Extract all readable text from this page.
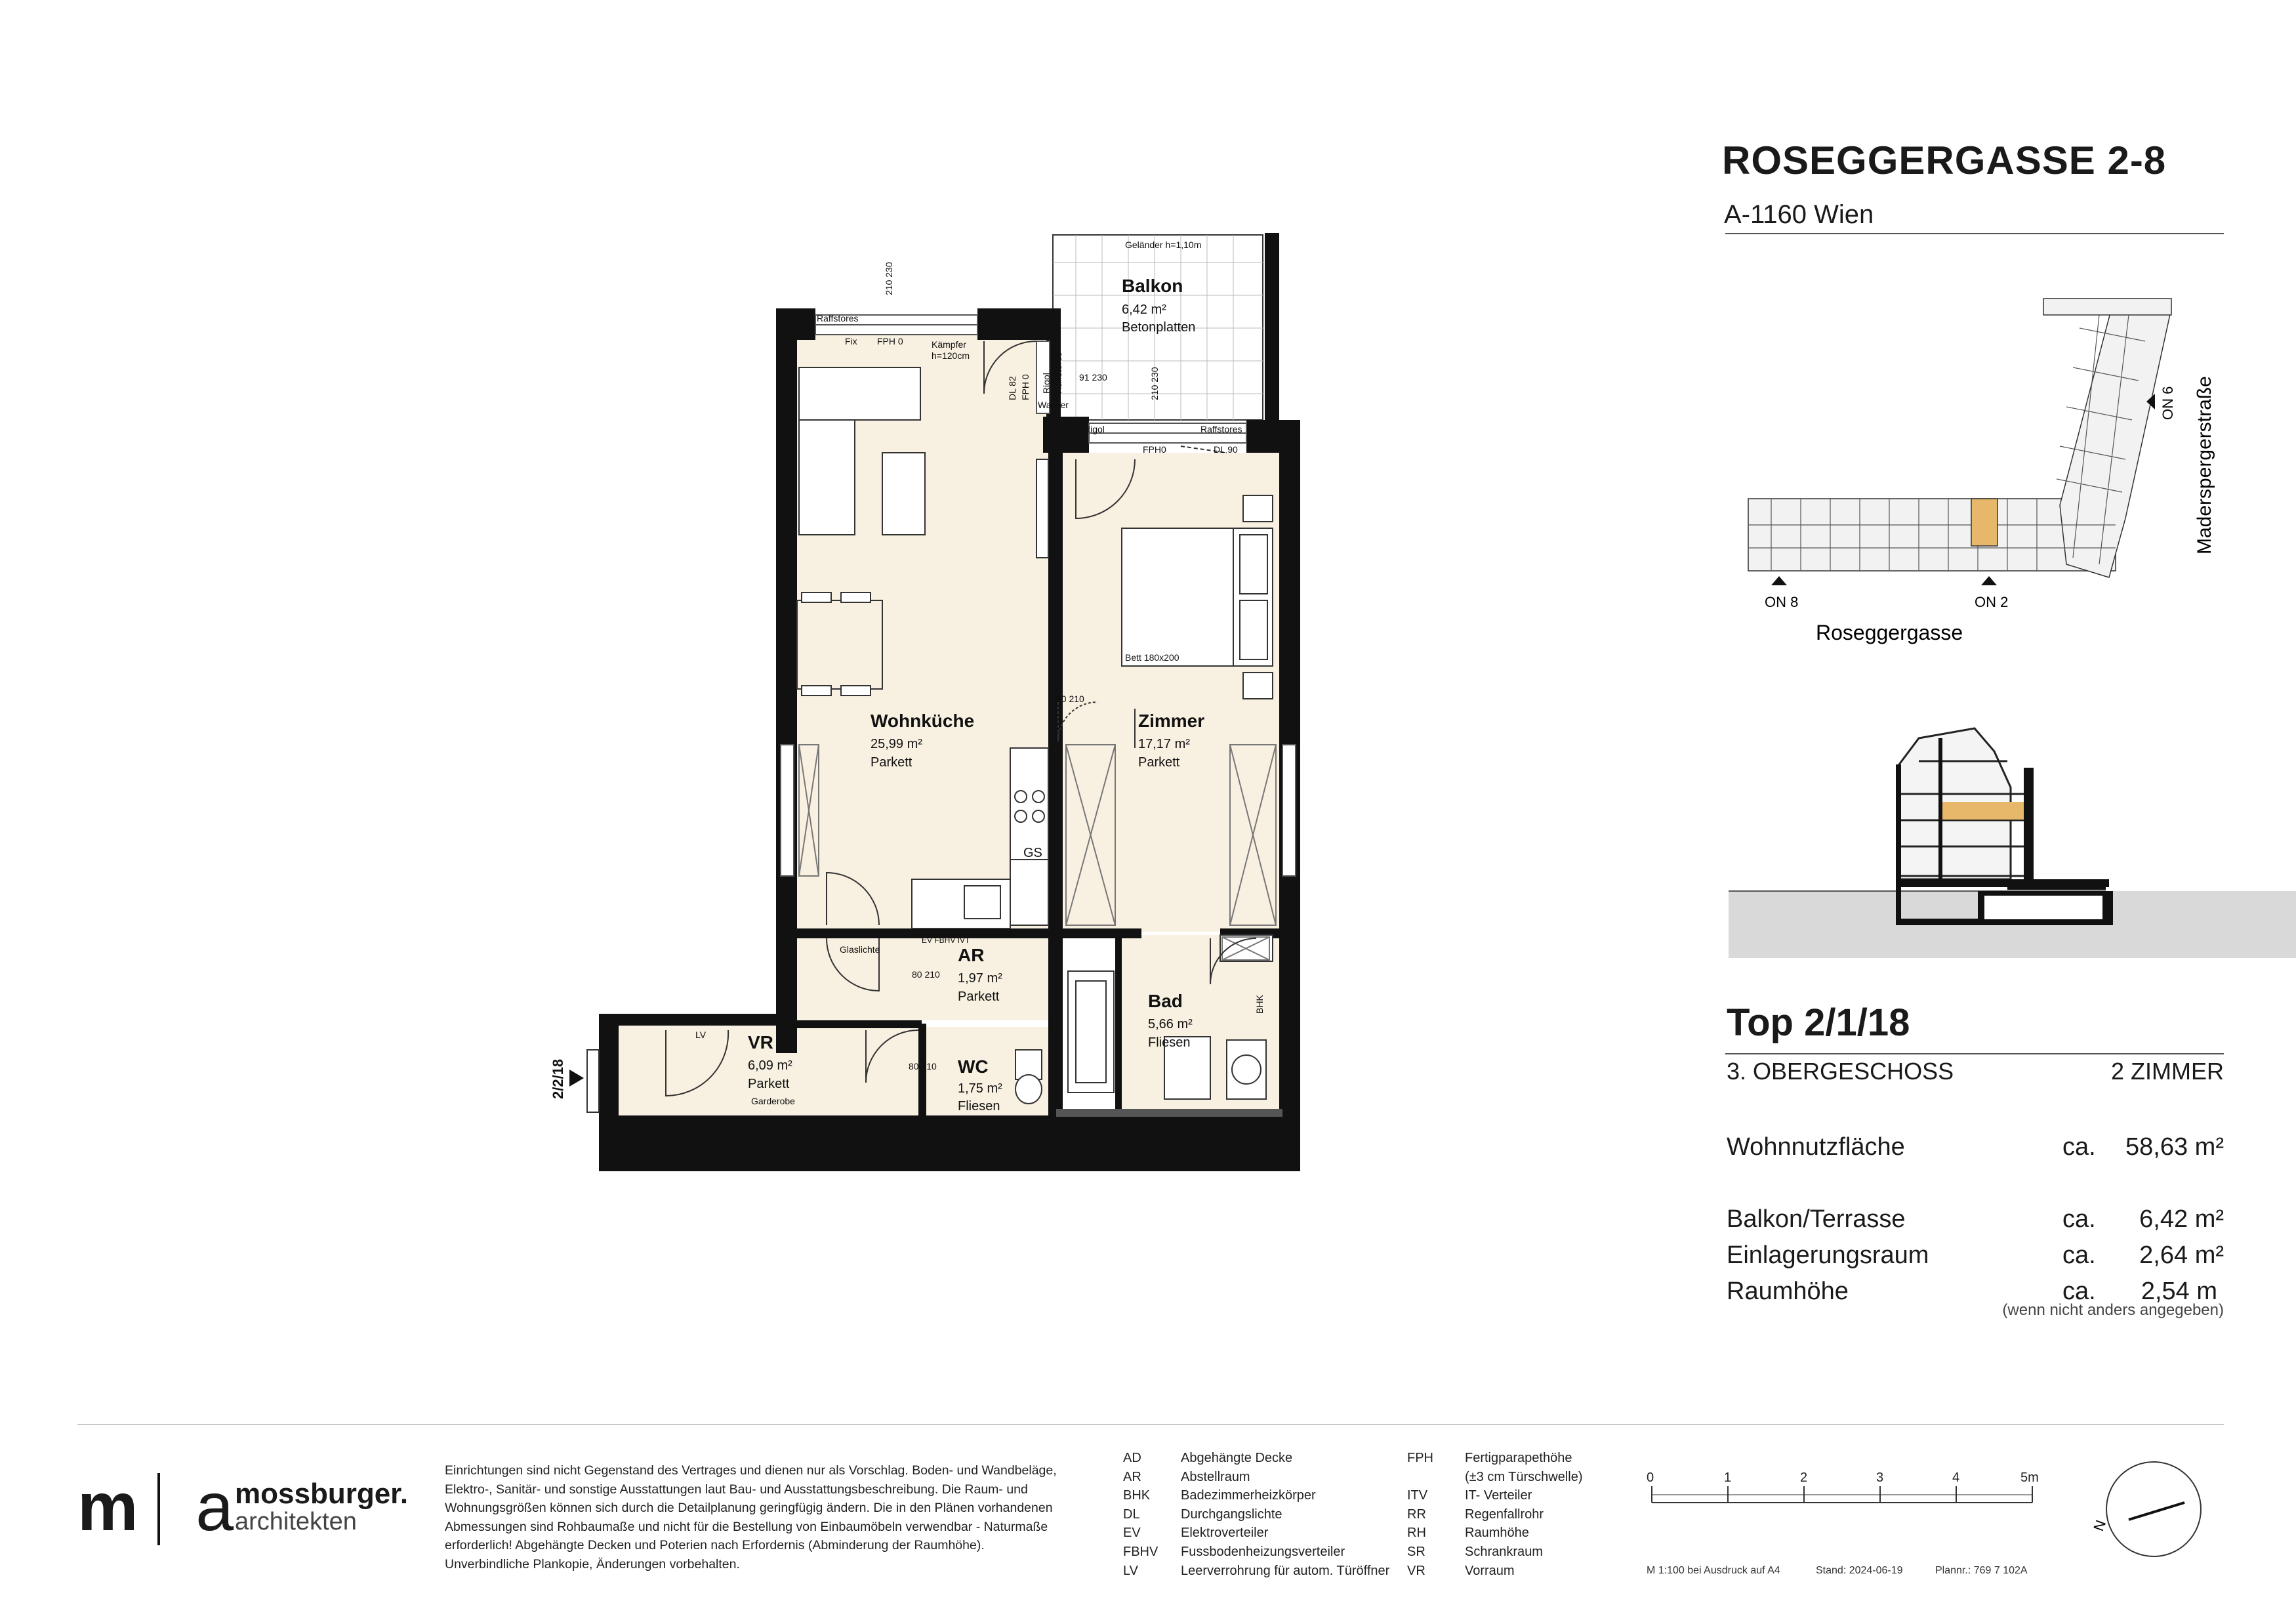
Balkon
6,42 m²
Betonplatten
Wohnküche
25,99 m²
Parkett
Zimmer
17,17 m²
Parkett
AR
1,97 m²
Parkett	Bad
5,66 m²
Fliesen
VR
6,09 m²
Parkett
WC
1,75 m²
Fliesen
Geländer h=1,10m
Raffstores
Fix FPH 0	Kämpfer
h=120cm
DL 82 FPH 0 Rigol Raffstores
Wasser
Rigol	Raffstores
FPH0	DL 90
Bett 180x200
GS
Glaslichte
EV FBHV IVT
LV
Garderobe
BHK
2/2/18
210 230
91 230	210 230
80 210
80 210
80 210
ON 8	ON 2
ON 6
Roseggergasse
Maderspergerstraße
0	1	2	3	4	5m
N
ROSEGGERGASSE 2-8
A-1160 Wien
Top 2/1/18
3. OBERGESCHOSS	2 ZIMMER
Wohnnutzfläche	ca. 58,63 m²
Balkon/Terrasse	ca. 6,42 m²
Einlagerungsraum	ca. 2,64 m²
Raumhöhe	ca. 2,54 m
(wenn nicht anders angegeben)
m a mossburger.
architekten
Einrichtungen sind nicht Gegenstand des Vertrages und dienen nur als Vorschlag. Boden- und Wandbeläge, Elektro-, Sanitär- und sonstige Ausstattungen laut Bau- und Ausstattungsbeschreibung. Die Raum- und Wohnungsgrößen können sich durch die Detailplanung geringfügig ändern. Die in den Plänen vorhandenen Abmessungen sind Rohbaumaße und nicht für die Bestellung von Einbaumöbeln verwendbar - Naturmaße erforderlich! Abgehängte Decken und Poterien nach Erfordernis (Abminderung der Raumhöhe). Unverbindliche Plankopie, Änderungen vorbehalten.
AD	Abgehängte Decke
AR	Abstellraum
BHK	Badezimmerheizkörper
DL	Durchgangslichte
EV	Elektroverteiler
FBHV	Fussbodenheizungsverteiler
LV	Leerverrohrung für autom. Türöffner
FPH	Fertigparapethöhe
(±3 cm Türschwelle)
ITV	IT- Verteiler
RR	Regenfallrohr
RH	Raumhöhe
SR	Schrankraum
VR	Vorraum	M 1:100 bei Ausdruck auf A4	Stand: 2024-06-19	Plannr.: 769 7 102A
